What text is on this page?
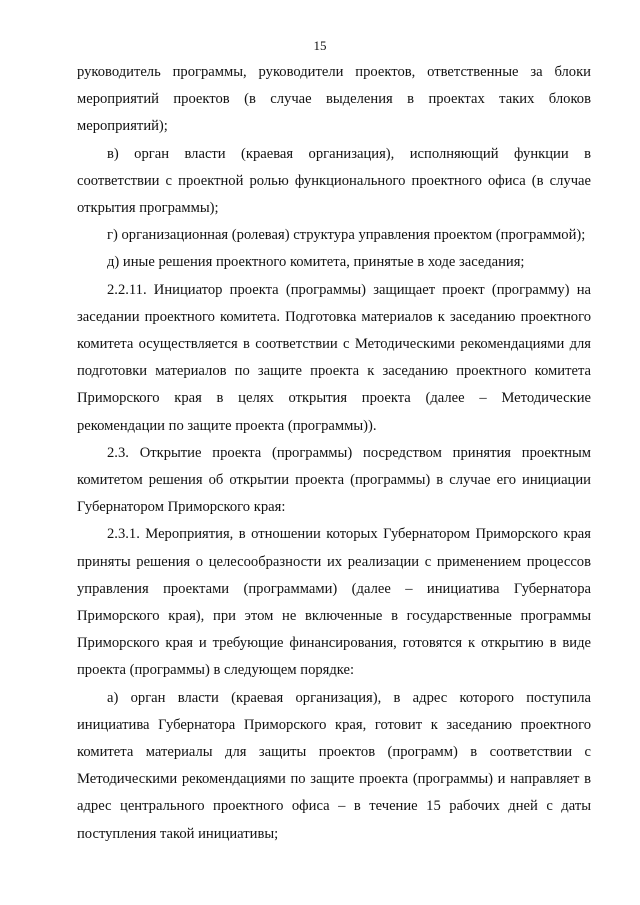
15

руководитель программы, руководители проектов, ответственные за блоки мероприятий проектов (в случае выделения в проектах таких блоков мероприятий);

в) орган власти (краевая организация), исполняющий функции в соответствии с проектной ролью функционального проектного офиса (в случае открытия программы);

г) организационная (ролевая) структура управления проектом (программой);

д) иные решения проектного комитета, принятые в ходе заседания;

2.2.11. Инициатор проекта (программы) защищает проект (программу) на заседании проектного комитета. Подготовка материалов к заседанию проектного комитета осуществляется в соответствии с Методическими рекомендациями для подготовки материалов по защите проекта к заседанию проектного комитета Приморского края в целях открытия проекта (далее – Методические рекомендации по защите проекта (программы)).

2.3. Открытие проекта (программы) посредством принятия проектным комитетом решения об открытии проекта (программы) в случае его инициации Губернатором Приморского края:

2.3.1. Мероприятия, в отношении которых Губернатором Приморского края приняты решения о целесообразности их реализации с применением процессов управления проектами (программами) (далее – инициатива Губернатора Приморского края), при этом не включенные в государственные программы Приморского края и требующие финансирования, готовятся к открытию в виде проекта (программы) в следующем порядке:

а) орган власти (краевая организация), в адрес которого поступила инициатива Губернатора Приморского края, готовит к заседанию проектного комитета материалы для защиты проектов (программ) в соответствии с Методическими рекомендациями по защите проекта (программы) и направляет в адрес центрального проектного офиса – в течение 15 рабочих дней с даты поступления такой инициативы;
